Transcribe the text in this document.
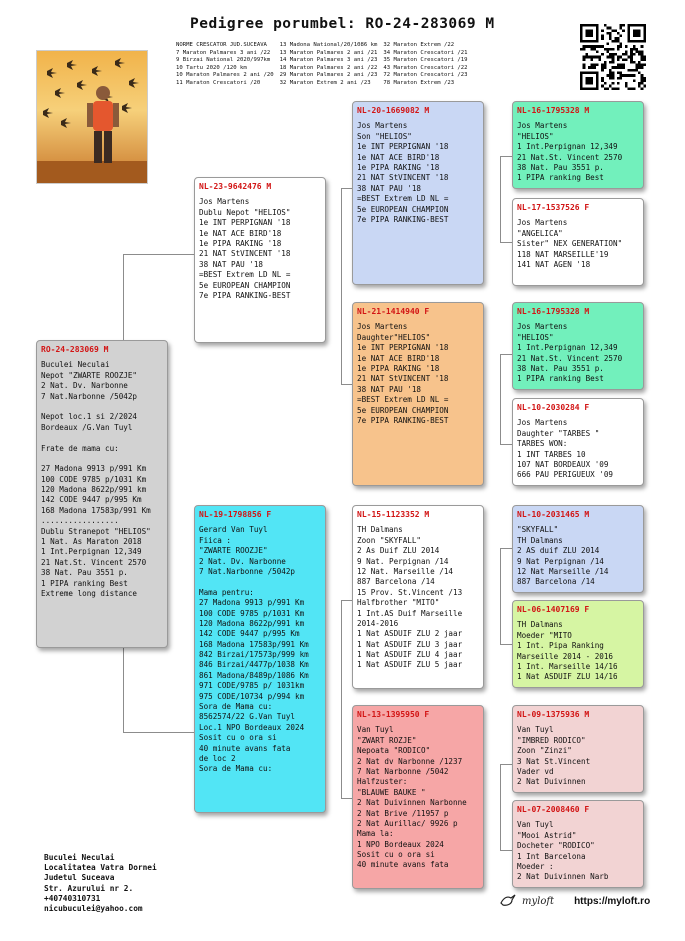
Pedigree porumbel: RO-24-283069 M
NORME CRESCATOR JUD.SUCEAVA
7 Maraton Palmares 3 ani /22
9 Birzai National 2020/997km
10 Tartu 2020 /120 km
10 Maraton Palmares 2 ani /20
11 Maraton Crescatori /20
13 Madona National/20/1086 km
13 Maraton Palmares 2 ani /21
14 Maraton Palmares 3 ani /23
18 Maraton Palmares 2 ani /22
29 Maraton Palmares 2 ani /23
32 Maraton Extrem 2 ani /23
32 Maraton Extrem /22
34 Maraton Crescatori /21
35 Maraton Crescatori /19
43 Maraton Crescatori /22
72 Maraton Crescatori /23
78 Maraton Extrem /23
RO-24-283069 M
Buculei Neculai
Nepot "ZWARTE ROOZJE"
2 Nat. Dv. Narbonne
7 Nat.Narbonne /5042p
Nepot loc.1 si 2/2024
Bordeaux /G.Van Tuyl
Frate de mama cu:
27 Madona 9913 p/991 Km
100 CODE 9785 p/1031 Km
120 Madona 8622p/991 km
142 CODE 9447 p/995 Km
168 Madona 17583p/991 Km
.................
Dublu Stranepot "HELIOS"
1 Nat. As Maraton 2018
1 Int.Perpignan 12,349
21 Nat.St. Vincent 2570
38 Nat. Pau 3551 p.
1 PIPA ranking Best
Extreme long distance
NL-23-9642476 M
Jos Martens
Dublu Nepot "HELIOS"
1e INT PERPIGNAN '18
1e NAT ACE BIRD'18
1e PIPA RAKING '18
21 NAT StVINCENT '18
38 NAT PAU '18
=BEST Extrem LD NL =
5e EUROPEAN CHAMPION
7e PIPA RANKING-BEST
NL-19-1798856 F
Gerard Van Tuyl
Fiica :
"ZWARTE ROOZJE"
2 Nat. Dv. Narbonne
7 Nat.Narbonne /5042p
Mama pentru:
27 Madona 9913 p/991 Km
100 CODE 9785 p/1031 Km
120 Madona 8622p/991 km
142 CODE 9447 p/995 Km
168 Madona 17583p/991 Km
842 Birzai/17573p/999 km
846 Birzai/4477p/1038 Km
861 Madona/8489p/1086 Km
971 CODE/9785 p/ 1031km
975 CODE/10734 p/994 km
Sora de Mama cu:
8562574/22 G.Van Tuyl
Loc.1 NPO Bordeaux 2024
Sosit cu o ora si
40 minute avans fata
de loc 2
Sora de Mama cu:
NL-20-1669082 M
Jos Martens
Son "HELIOS"
1e INT PERPIGNAN '18
1e NAT ACE BIRD'18
1e PIPA RAKING '18
21 NAT StVINCENT '18
38 NAT PAU '18
=BEST Extrem LD NL =
5e EUROPEAN CHAMPION
7e PIPA RANKING-BEST
NL-21-1414940 F
Jos Martens
Daughter"HELIOS"
1e INT PERPIGNAN '18
1e NAT ACE BIRD'18
1e PIPA RAKING '18
21 NAT StVINCENT '18
38 NAT PAU '18
=BEST Extrem LD NL =
5e EUROPEAN CHAMPION
7e PIPA RANKING-BEST
NL-15-1123352 M
TH Dalmans
Zoon "SKYFALL"
2 As Duif ZLU 2014
9 Nat. Perpignan /14
12 Nat. Marseille /14
887 Barcelona /14
15 Prov. St.Vincent /13
Halfbrother "MITO"
1 Int.AS Duif Marseille
2014-2016
1 Nat ASDUIF ZLU 2 jaar
1 Nat ASDUIF ZLU 3 jaar
1 Nat ASDUIF ZLU 4 jaar
1 Nat ASDUIF ZLU 5 jaar
NL-13-1395950 F
Van Tuyl
"ZWART ROZJE"
Nepoata "RODICO"
2 Nat dv Narbonne /1237
7 Nat Narbonne /5042
Halfzuster:
"BLAUWE BAUKE "
2 Nat Duivinnen Narbonne
2 Nat Brive /11957 p
2 Nat Aurillac/ 9926 p
Mama la:
1 NPO Bordeaux 2024
Sosit cu o ora si
40 minute avans fata
NL-16-1795328 M
Jos Martens
"HELIOS"
1 Int.Perpignan 12,349
21 Nat.St. Vincent 2570
38 Nat. Pau 3551 p.
1 PIPA ranking Best
NL-17-1537526 F
Jos Martens
"ANGELICA"
Sister" NEX GENERATION"
118 NAT MARSEILLE'19
141 NAT AGEN '18
NL-16-1795328 M
Jos Martens
"HELIOS"
1 Int.Perpignan 12,349
21 Nat.St. Vincent 2570
38 Nat. Pau 3551 p.
1 PIPA ranking Best
NL-10-2030284 F
Jos Martens
Daughter "TARBES "
TARBES WON:
1 INT TARBES 10
107 NAT BORDEAUX '09
666 PAU PERIGUEUX '09
NL-10-2031465 M
"SKYFALL"
TH Dalmans
2 AS duif ZLU 2014
9 Nat Perpignan /14
12 Nat Marseille /14
887 Barcelona /14
NL-06-1407169 F
TH Dalmans
Moeder "MITO
1 Int. Pipa Ranking
Marseille 2014 - 2016
1 Int. Marseille 14/16
1 Nat ASDUIF ZLU 14/16
NL-09-1375936 M
Van Tuyl
"IMBRED RODICO"
Zoon "Zinzi"
3 Nat St.Vincent
Vader vd
2 Nat Duivinnen
NL-07-2008460 F
Van Tuyl
"Mooi Astrid"
Docheter "RODICO"
1 Int Barcelona
Moeder :
2 Nat Duivinnen Narb
Buculei Neculai
Localitatea Vatra Dornei
Judetul Suceava
Str. Azurului nr 2.
+40740310731
nicubuculei@yahoo.com
myloft https://myloft.ro
